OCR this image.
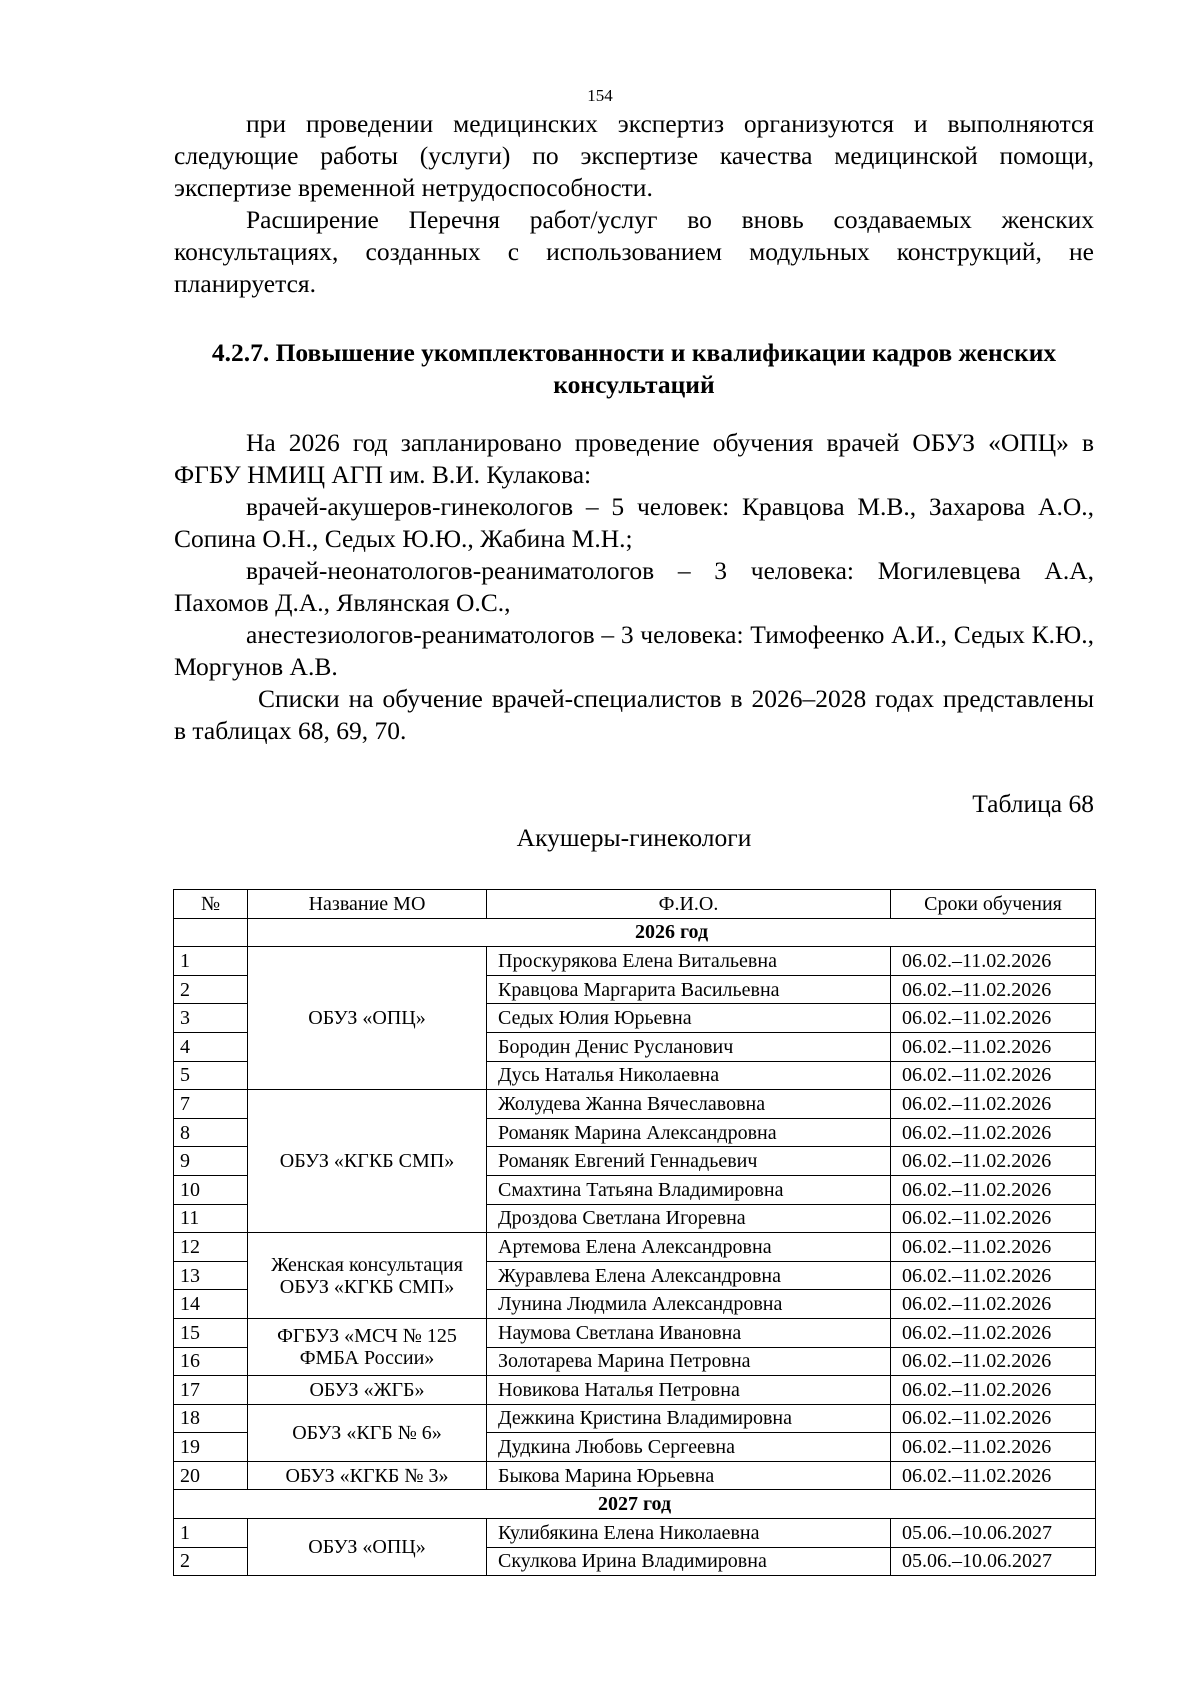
154

при проведении медицинских экспертиз организуются и выполняются следующие работы (услуги) по экспертизе качества медицинской помощи, экспертизе временной нетрудоспособности.

Расширение Перечня работ/услуг во вновь создаваемых женских консультациях, созданных с использованием модульных конструкций, не планируется.

4.2.7. Повышение укомплектованности и квалификации кадров женских консультаций

На 2026 год запланировано проведение обучения врачей ОБУЗ «ОПЦ» в ФГБУ НМИЦ АГП им. В.И. Кулакова:

врачей-акушеров-гинекологов – 5 человек: Кравцова М.В., Захарова А.О., Сопина О.Н., Седых Ю.Ю., Жабина М.Н.;

врачей-неонатологов-реаниматологов – 3 человека: Могилевцева А.А, Пахомов Д.А., Являнская О.С.,

анестезиологов-реаниматологов – 3 человека: Тимофеенко А.И., Седых К.Ю., Моргунов А.В.

Списки на обучение врачей-специалистов в 2026–2028 годах представлены в таблицах 68, 69, 70.

Таблица 68
Акушеры-гинекологи
№	Название МО	Ф.И.О.	Сроки обучения
	2026 год		
1	ОБУЗ «ОПЦ»	Проскурякова Елена Витальевна	06.02.–11.02.2026
2		Кравцова Маргарита Васильевна	06.02.–11.02.2026
3		Седых Юлия Юрьевна	06.02.–11.02.2026
4		Бородин Денис Русланович	06.02.–11.02.2026
5		Дусь Наталья Николаевна	06.02.–11.02.2026
7	ОБУЗ «КГКБ СМП»	Жолудева Жанна Вячеславовна	06.02.–11.02.2026
8		Романяк Марина Александровна	06.02.–11.02.2026
9		Романяк Евгений Геннадьевич	06.02.–11.02.2026
10		Смахтина Татьяна Владимировна	06.02.–11.02.2026
11		Дроздова Светлана Игоревна	06.02.–11.02.2026
12	Женская консультация
ОБУЗ «КГКБ СМП»	Артемова Елена Александровна	06.02.–11.02.2026
13		Журавлева Елена Александровна	06.02.–11.02.2026
14		Лунина Людмила Александровна	06.02.–11.02.2026
15	ФГБУЗ «МСЧ № 125
ФМБА России»	Наумова Светлана Ивановна	06.02.–11.02.2026
16		Золотарева Марина Петровна	06.02.–11.02.2026
17	ОБУЗ «ЖГБ»	Новикова Наталья Петровна	06.02.–11.02.2026
18	ОБУЗ «КГБ № 6»	Дежкина Кристина Владимировна	06.02.–11.02.2026
19		Дудкина Любовь Сергеевна	06.02.–11.02.2026
20	ОБУЗ «КГКБ № 3»	Быкова Марина Юрьевна	06.02.–11.02.2026
2027 год			
1	ОБУЗ «ОПЦ»	Кулибякина Елена Николаевна	05.06.–10.06.2027
2		Скулкова Ирина Владимировна	05.06.–10.06.2027
